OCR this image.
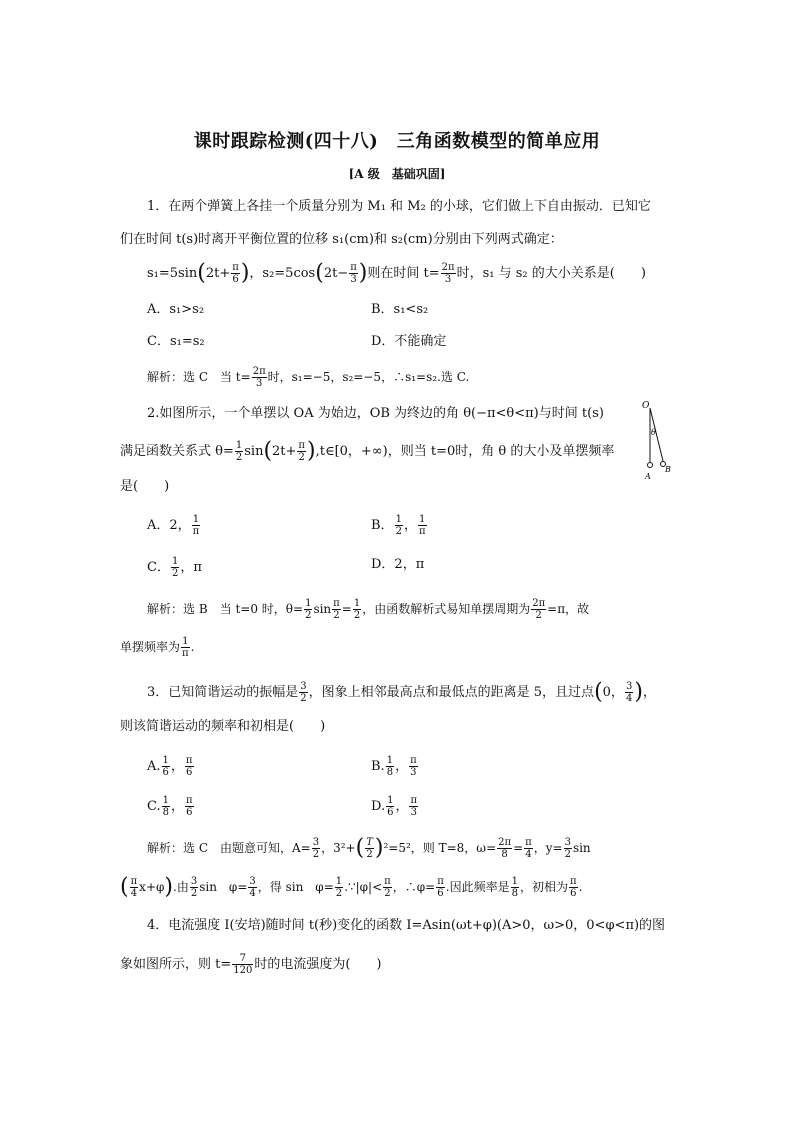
课时跟踪检测(四十八)　三角函数模型的简单应用
[A 级　基础巩固]
1．在两个弹簧上各挂一个质量分别为 M₁ 和 M₂ 的小球，它们做上下自由振动．已知它
们在时间 t(s)时离开平衡位置的位移 s₁(cm)和 s₂(cm)分别由下列两式确定：
$s_1=5\sin(2t+ \frac{\pi}{6}$ )，$s_2=5\cos(2t- \frac{\pi}{3}$ )则在时间 $t= \frac{2\pi}{3}$ 时，s₁ 与 s₂ 的大小关系是(　　)
A．s₁>s₂	B．s₁<s₂
C．s₁=s₂	D．不能确定
解析：选 C　当 $t= \frac{2\pi}{3}$ 时，s₁=−5，s₂=−5，∴s₁=s₂.选 C.
2.如图所示，一个单摆以 OA 为始边，OB 为终边的角 θ(−π<θ<π)与时间 t(s)
满足函数关系式 $\theta= \frac{1}{2} \sin(2t+ \frac{\pi}{2}$ ),t∈[0，+∞)，则当 t=0时，角 θ 的大小及单摆频率
是(　　)
O
θ
A
B
A．2， $\frac{1}{\pi}$	B． $\frac{1}{2}$ ， $\frac{1}{\pi}$
C． $\frac{1}{2}$ ，π	D．2，π
解析：选 B　当 t=0 时，$\theta= \frac{1}{2}$ $\sin \frac{\pi}{2} = \frac{1}{2}$ ，由函数解析式易知单摆周期为 $\frac{2\pi}{2} =\pi$，故
单摆频率为 $\frac{1}{\pi}$ .
3．已知简谐运动的振幅是 $\frac{3}{2}$ ，图象上相邻最高点和最低点的距离是 5，且过点(0， $\frac{3}{4}$ )，
则该简谐运动的频率和初相是(　　)
A. $\frac{1}{6}$ ， $\frac{\pi}{6}$	B. $\frac{1}{8}$ ， $\frac{\pi}{3}$
C. $\frac{1}{8}$ ， $\frac{\pi}{6}$	D. $\frac{1}{6}$ ， $\frac{\pi}{3}$
解析：选 C　由题意可知，$A= \frac{3}{2}$ ，$3^2+( \frac{T}{2} )^2=5^2$，则 T=8，$\omega= \frac{2\pi}{8} = \frac{\pi}{4}$ ，$y= \frac{3}{2}$ sin
( $\frac{\pi}{4} x+\varphi$).由 $\frac{3}{2}$ sin　$\varphi= \frac{3}{4}$ ，得 sin　$\varphi= \frac{1}{2}$ .∵|φ|< $\frac{\pi}{2}$ ，∴φ= $\frac{\pi}{6}$ .因此频率是 $\frac{1}{8}$ ，初相为 $\frac{\pi}{6}$ .
4．电流强度 I(安培)随时间 t(秒)变化的函数 I=Asin(ωt+φ)(A>0，ω>0，0<φ<π)的图
象如图所示，则 $t= \frac{7}{120}$ 时的电流强度为(　　)
